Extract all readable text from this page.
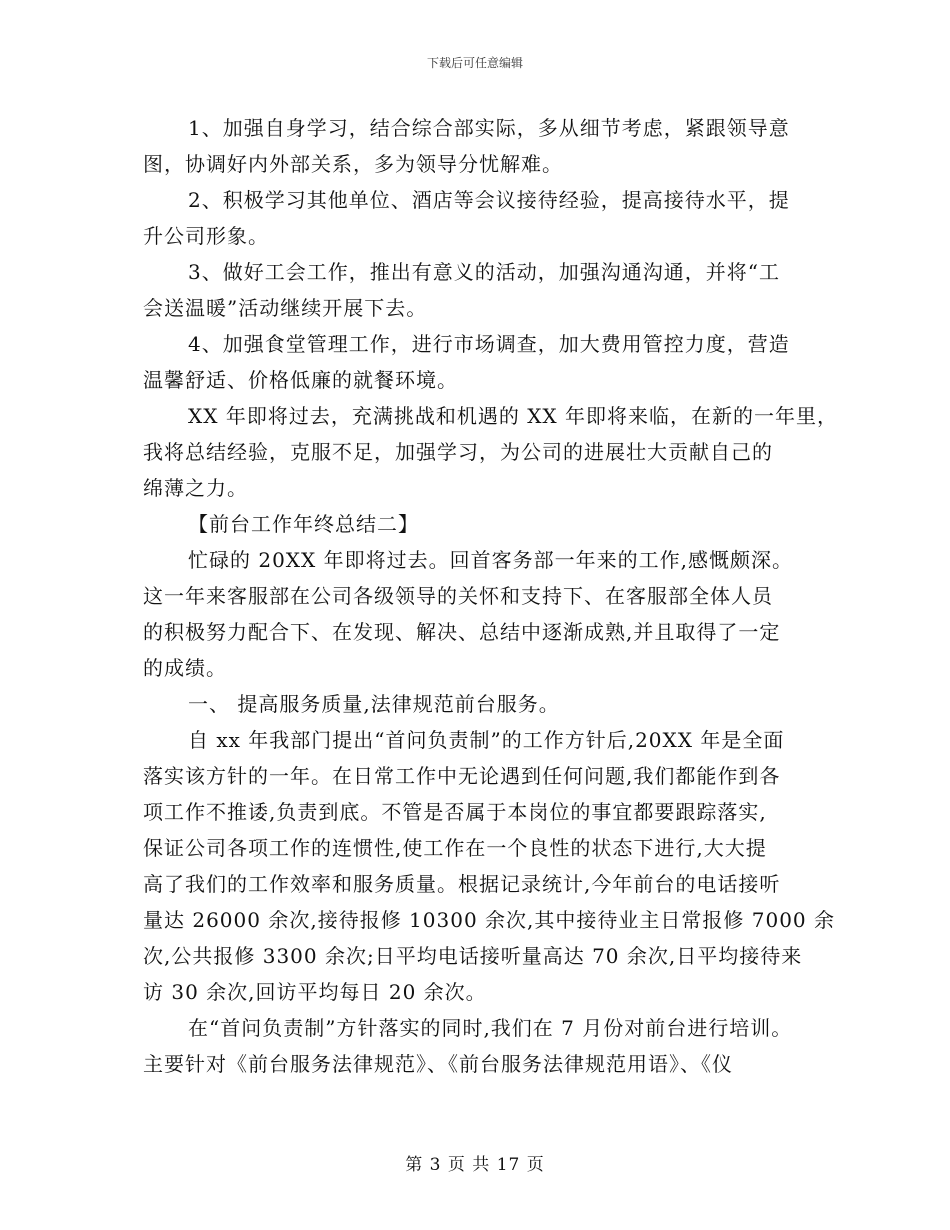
下载后可任意编辑
1、加强自身学习，结合综合部实际，多从细节考虑，紧跟领导意
图，协调好内外部关系，多为领导分忧解难。
2、积极学习其他单位、酒店等会议接待经验，提高接待水平，提
升公司形象。
3、做好工会工作，推出有意义的活动，加强沟通沟通，并将“工
会送温暖”活动继续开展下去。
4、加强食堂管理工作，进行市场调查，加大费用管控力度，营造
温馨舒适、价格低廉的就餐环境。
XX 年即将过去，充满挑战和机遇的 XX 年即将来临，在新的一年里，
我将总结经验，克服不足，加强学习，为公司的进展壮大贡献自己的
绵薄之力。
【前台工作年终总结二】
忙碌的 20XX 年即将过去。回首客务部一年来的工作,感慨颇深。
这一年来客服部在公司各级领导的关怀和支持下、在客服部全体人员
的积极努力配合下、在发现、解决、总结中逐渐成熟,并且取得了一定
的成绩。
一、 提高服务质量,法律规范前台服务。
自 xx 年我部门提出“首问负责制”的工作方针后,20XX 年是全面
落实该方针的一年。在日常工作中无论遇到任何问题,我们都能作到各
项工作不推诿,负责到底。不管是否属于本岗位的事宜都要跟踪落实,
保证公司各项工作的连惯性,使工作在一个良性的状态下进行,大大提
高了我们的工作效率和服务质量。根据记录统计,今年前台的电话接听
量达 26000 余次,接待报修 10300 余次,其中接待业主日常报修 7000 余
次,公共报修 3300 余次;日平均电话接听量高达 70 余次,日平均接待来
访 30 余次,回访平均每日 20 余次。
在“首问负责制”方针落实的同时,我们在 7 月份对前台进行培训。
主要针对《前台服务法律规范》、《前台服务法律规范用语》、《仪
第 3 页 共 17 页
